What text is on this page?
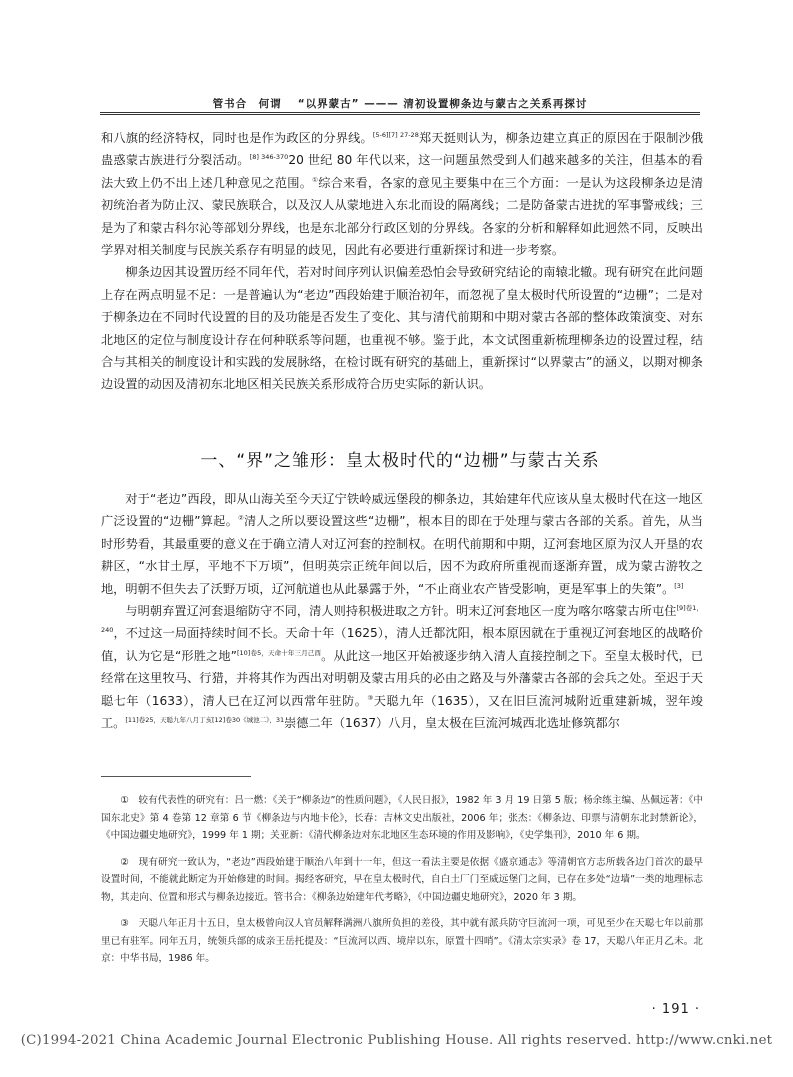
管书合　何谓　 “以界蒙古” ——— 清初设置柳条边与蒙古之关系再探讨

和八旗的经济特权，同时也是作为政区的分界线。$^{[5-6][7] 27-28}$郑天挺则认为，柳条边建立真正的原因在于限制沙俄蛊惑蒙古族进行分裂活动。$^{[8] 346-370}$20 世纪 80 年代以来，这一问题虽然受到人们越来越多的关注，但基本的看法大致上仍不出上述几种意见之范围。①综合来看，各家的意见主要集中在三个方面：一是认为这段柳条边是清初统治者为防止汉、蒙民族联合，以及汉人从蒙地进入东北而设的隔离线；二是防备蒙古进扰的军事警戒线；三是为了和蒙古科尔沁等部划分界线，也是东北部分行政区划的分界线。各家的分析和解释如此迥然不同，反映出学界对相关制度与民族关系存有明显的歧见，因此有必要进行重新探讨和进一步考察。

柳条边因其设置历经不同年代，若对时间序列认识偏差恐怕会导致研究结论的南辕北辙。现有研究在此问题上存在两点明显不足：一是普遍认为“老边”西段始建于顺治初年，而忽视了皇太极时代所设置的“边栅”；二是对于柳条边在不同时代设置的目的及功能是否发生了变化、其与清代前期和中期对蒙古各部的整体政策演变、对东北地区的定位与制度设计存在何种联系等问题，也重视不够。鉴于此，本文试图重新梳理柳条边的设置过程，结合与其相关的制度设计和实践的发展脉络，在检讨既有研究的基础上，重新探讨“以界蒙古”的涵义，以期对柳条边设置的动因及清初东北地区相关民族关系形成符合历史实际的新认识。

一、“界”之雏形：皇太极时代的“边栅”与蒙古关系

对于“老边”西段，即从山海关至今天辽宁铁岭威远堡段的柳条边，其始建年代应该从皇太极时代在这一地区广泛设置的“边栅”算起。②清人之所以要设置这些“边栅”，根本目的即在于处理与蒙古各部的关系。首先，从当时形势看，其最重要的意义在于确立清人对辽河套的控制权。在明代前期和中期，辽河套地区原为汉人开垦的农耕区，“水甘土厚，平地不下万顷”，但明英宗正统年间以后，因不为政府所重视而逐渐弃置，成为蒙古游牧之地，明朝不但失去了沃野万顷，辽河航道也从此暴露于外，“不止商业农产皆受影响，更是军事上的失策”。[3]

与明朝弃置辽河套退缩防守不同，清人则持积极进取之方针。明末辽河套地区一度为喀尔喀蒙古所屯住$^{[9]卷1,240}$，不过这一局面持续时间不长。天命十年（1625），清人迁都沈阳，根本原因就在于重视辽河套地区的战略价值，认为它是“形胜之地”$^{[10]卷5,天命十年三月己酉}$。从此这一地区开始被逐步纳入清人直接控制之下。至皇太极时代，已经常在这里牧马、行猎，并将其作为西出对明朝及蒙古用兵的必由之路及与外藩蒙古各部的会兵之处。至迟于天聪七年（1633），清人已在辽河以西常年驻防。③天聪九年（1635），又在旧巨流河城附近重建新城，翌年竣工。$^{[11]卷25,天聪九年八月丁亥[12]卷30《城池二》,31}$崇德二年（1637）八月，皇太极在巨流河城西北选址修筑都尔

①　较有代表性的研究有：吕一燃：《关于“柳条边”的性质问题》，《人民日报》，1982 年 3 月 19 日第 5 版；杨余练主编、丛佩远著：《中国东北史》第 4 卷第 12 章第 6 节《柳条边与内地卡伦》，长春：吉林文史出版社，2006 年；张杰：《柳条边、印票与清朝东北封禁新论》，《中国边疆史地研究》，1999 年 1 期；关亚新：《清代柳条边对东北地区生态环境的作用及影响》，《史学集刊》，2010 年 6 期。

②　现有研究一致认为，“老边”西段始建于顺治八年到十一年，但这一看法主要是依据《盛京通志》等清朝官方志所载各边门首次的最早设置时间，不能就此断定为开始修建的时间。揭经客研究，早在皇太极时代，自白土厂门至威远堡门之间，已存在多处“边墙”一类的地理标志物，其走向、位置和形式与柳条边接近。管书合：《柳条边始建年代考略》，《中国边疆史地研究》，2020 年 3 期。

③　天聪八年正月十五日，皇太极曾向汉人官员解释满洲八旗所负担的差役，其中就有派兵防守巨流河一项，可见至少在天聪七年以前那里已有驻军。同年五月，统领兵部的成亲王岳托提及：“巨流河以西、境岸以东，原置十四哨”。《清太宗实录》卷 17，天聪八年正月乙未。北京：中华书局，1986 年。

· 191 ·
(C)1994-2021 China Academic Journal Electronic Publishing House. All rights reserved. http://www.cnki.net
